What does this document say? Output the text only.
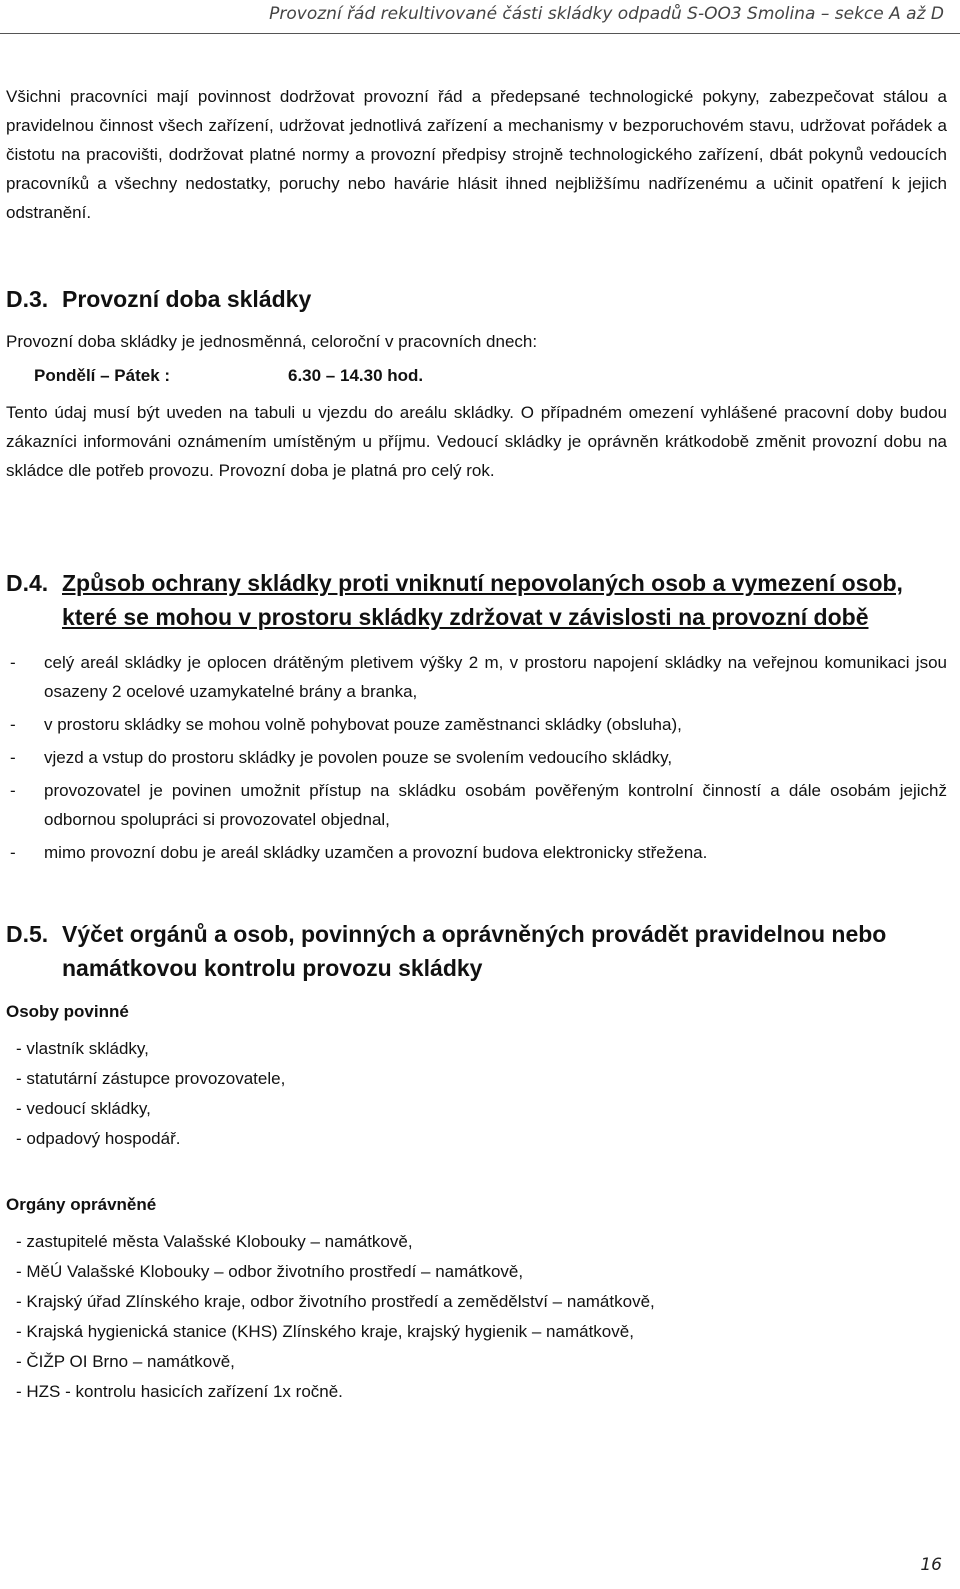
Provozní řád rekultivované části skládky odpadů S-OO3 Smolina – sekce A až D

Všichni pracovníci mají povinnost dodržovat provozní řád a předepsané technologické pokyny, zabezpečovat stálou a pravidelnou činnost všech zařízení, udržovat jednotlivá zařízení a mechanismy v bezporuchovém stavu, udržovat pořádek a čistotu na pracovišti, dodržovat platné normy a provozní předpisy strojně technologického zařízení, dbát pokynů vedoucích pracovníků a všechny nedostatky, poruchy nebo havárie hlásit ihned nejbližšímu nadřízenému a učinit opatření k jejich odstranění.

D.3. Provozní doba skládky
Provozní doba skládky je jednosměnná, celoroční v pracovních dnech:
Pondělí – Pátek :	6.30 – 14.30 hod.

Tento údaj musí být uveden na tabuli u vjezdu do areálu skládky. O případném omezení vyhlášené pracovní doby budou zákazníci informováni oznámením umístěným u příjmu. Vedoucí skládky je oprávněn krátkodobě změnit provozní dobu na skládce dle potřeb provozu. Provozní doba je platná pro celý rok.

D.4. Způsob ochrany skládky proti vniknutí nepovolaných osob a vymezení osob, které se mohou v prostoru skládky zdržovat v závislosti na provozní době
- celý areál skládky je oplocen drátěným pletivem výšky 2 m, v prostoru napojení skládky na veřejnou komunikaci jsou osazeny 2 ocelové uzamykatelné brány a branka,
- v prostoru skládky se mohou volně pohybovat pouze zaměstnanci skládky (obsluha),
- vjezd a vstup do prostoru skládky je povolen pouze se svolením vedoucího skládky,
- provozovatel je povinen umožnit přístup na skládku osobám pověřeným kontrolní činností a dále osobám jejichž odbornou spolupráci si provozovatel objednal,
- mimo provozní dobu je areál skládky uzamčen a provozní budova elektronicky střežena.
D.5. Výčet orgánů a osob, povinných a oprávněných provádět pravidelnou nebo namátkovou kontrolu provozu skládky
Osoby povinné
- vlastník skládky,
- statutární zástupce provozovatele,
- vedoucí skládky,
- odpadový hospodář.
Orgány oprávněné
- zastupitelé města Valašské Klobouky – namátkově,
- MěÚ Valašské Klobouky – odbor životního prostředí – namátkově,
- Krajský úřad Zlínského kraje, odbor životního prostředí a zemědělství – namátkově,
- Krajská hygienická stanice (KHS) Zlínského kraje, krajský hygienik – namátkově,
- ČIŽP OI Brno – namátkově,
- HZS - kontrolu hasicích zařízení 1x ročně.
16
